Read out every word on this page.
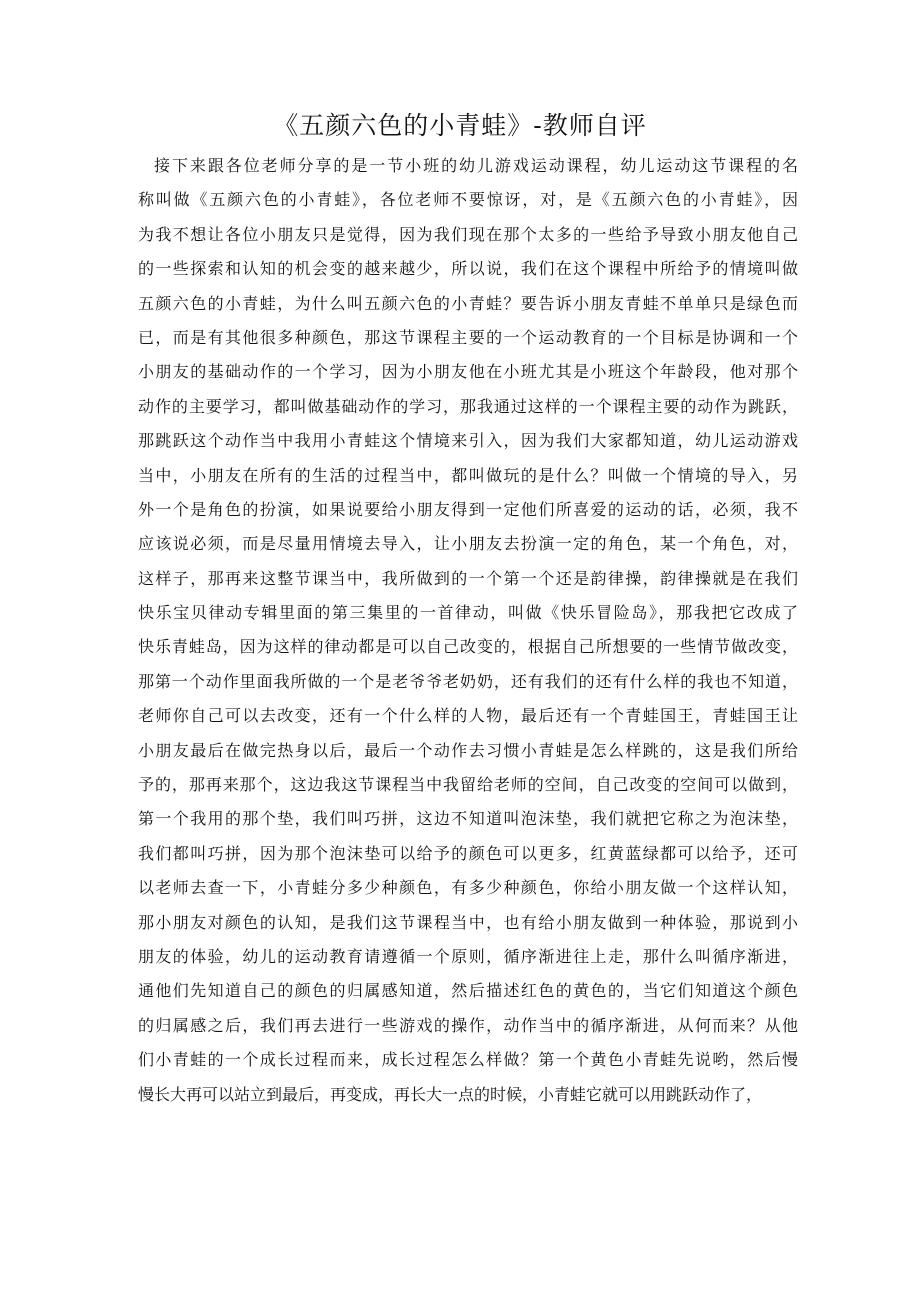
《五颜六色的小青蛙》-教师自评
接下来跟各位老师分享的是一节小班的幼儿游戏运动课程，幼儿运动这节课程的名
称叫做《五颜六色的小青蛙》，各位老师不要惊讶，对，是《五颜六色的小青蛙》，因
为我不想让各位小朋友只是觉得，因为我们现在那个太多的一些给予导致小朋友他自己
的一些探索和认知的机会变的越来越少，所以说，我们在这个课程中所给予的情境叫做
五颜六色的小青蛙，为什么叫五颜六色的小青蛙？要告诉小朋友青蛙不单单只是绿色而
已，而是有其他很多种颜色，那这节课程主要的一个运动教育的一个目标是协调和一个
小朋友的基础动作的一个学习，因为小朋友他在小班尤其是小班这个年龄段，他对那个
动作的主要学习，都叫做基础动作的学习，那我通过这样的一个课程主要的动作为跳跃，
那跳跃这个动作当中我用小青蛙这个情境来引入，因为我们大家都知道，幼儿运动游戏
当中，小朋友在所有的生活的过程当中，都叫做玩的是什么？叫做一个情境的导入，另
外一个是角色的扮演，如果说要给小朋友得到一定他们所喜爱的运动的话，必须，我不
应该说必须，而是尽量用情境去导入，让小朋友去扮演一定的角色，某一个角色，对，
这样子，那再来这整节课当中，我所做到的一个第一个还是韵律操，韵律操就是在我们
快乐宝贝律动专辑里面的第三集里的一首律动，叫做《快乐冒险岛》，那我把它改成了
快乐青蛙岛，因为这样的律动都是可以自己改变的，根据自己所想要的一些情节做改变，
那第一个动作里面我所做的一个是老爷爷老奶奶，还有我们的还有什么样的我也不知道，
老师你自己可以去改变，还有一个什么样的人物，最后还有一个青蛙国王，青蛙国王让
小朋友最后在做完热身以后，最后一个动作去习惯小青蛙是怎么样跳的，这是我们所给
予的，那再来那个，这边我这节课程当中我留给老师的空间，自己改变的空间可以做到，
第一个我用的那个垫，我们叫巧拼，这边不知道叫泡沫垫，我们就把它称之为泡沫垫，
我们都叫巧拼，因为那个泡沫垫可以给予的颜色可以更多，红黄蓝绿都可以给予，还可
以老师去查一下，小青蛙分多少种颜色，有多少种颜色，你给小朋友做一个这样认知，
那小朋友对颜色的认知，是我们这节课程当中，也有给小朋友做到一种体验，那说到小
朋友的体验，幼儿的运动教育请遵循一个原则，循序渐进往上走，那什么叫循序渐进，
通他们先知道自己的颜色的归属感知道，然后描述红色的黄色的，当它们知道这个颜色
的归属感之后，我们再去进行一些游戏的操作，动作当中的循序渐进，从何而来？从他
们小青蛙的一个成长过程而来，成长过程怎么样做？第一个黄色小青蛙先说哟，然后慢
慢长大再可以站立到最后，再变成，再长大一点的时候，小青蛙它就可以用跳跃动作了，
